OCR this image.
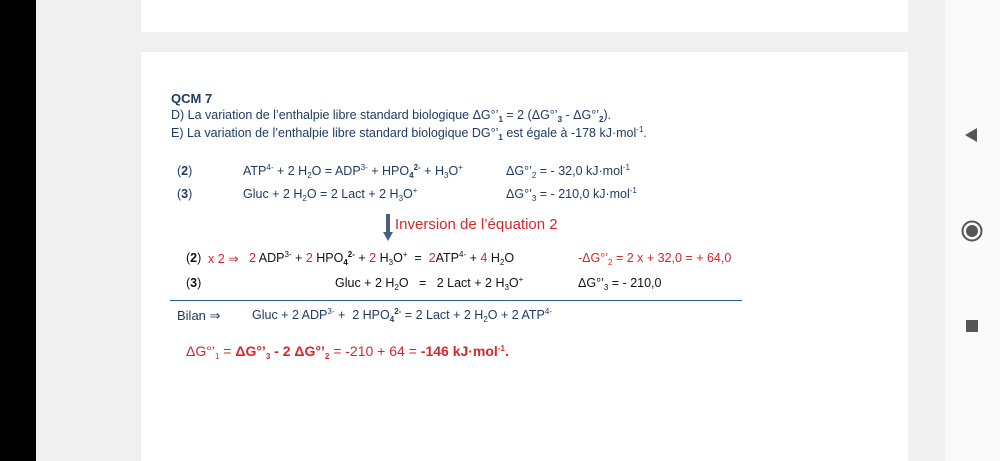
QCM 7
D) La variation de l’enthalpie libre standard biologique $\Delta G^\circ’_1 = 2$ ($\Delta G^\circ’_3$ - $\Delta G^\circ’_2$).
E) La variation de l’enthalpie libre standard biologique $DG^\circ’_1$ est égale à -178 kJ·mol$^{-1}$.
(2)	$ATP^{4-} + 2$ $H_2O = ADP^{3-} + HPO_4^{2-} + H_3O^+$	$\Delta G^\circ’_2$ = - 32,0 kJ·mol$^{-1}$
(3)	Gluc + 2 $H_2O = 2$ Lact + 2 $H_3O^+$	$\Delta G^\circ’_3$ = - 210,0 kJ·mol$^{-1}$
Inversion de l’équation 2
(2) x 2 ⇒ 2 $ADP^{3-} + 2$ $HPO_4^{2-} + 2$ $H_3O^+ = 2ATP^{4-} + 4$ $H_2O$	$-\Delta G^\circ’_2 = 2$ x + 32,0 = + 64,0
(3)	Gluc + 2 $H_2O = 2$ Lact + 2 $H_3O^+$	$\Delta G^\circ’_3$ = - 210,0
Bilan ⇒	Gluc + 2 $ADP^{3-} + 2$ $HPO_4^{2-} = 2$ Lact + 2 $H_2O + 2$ $ATP^{4-}$
$\Delta G^\circ’_1$ = $\Delta G^\circ’_3 - 2$ $\Delta G^\circ’_2 = -210 + 64 = -146$ kJ·mol$^{-1}$.
